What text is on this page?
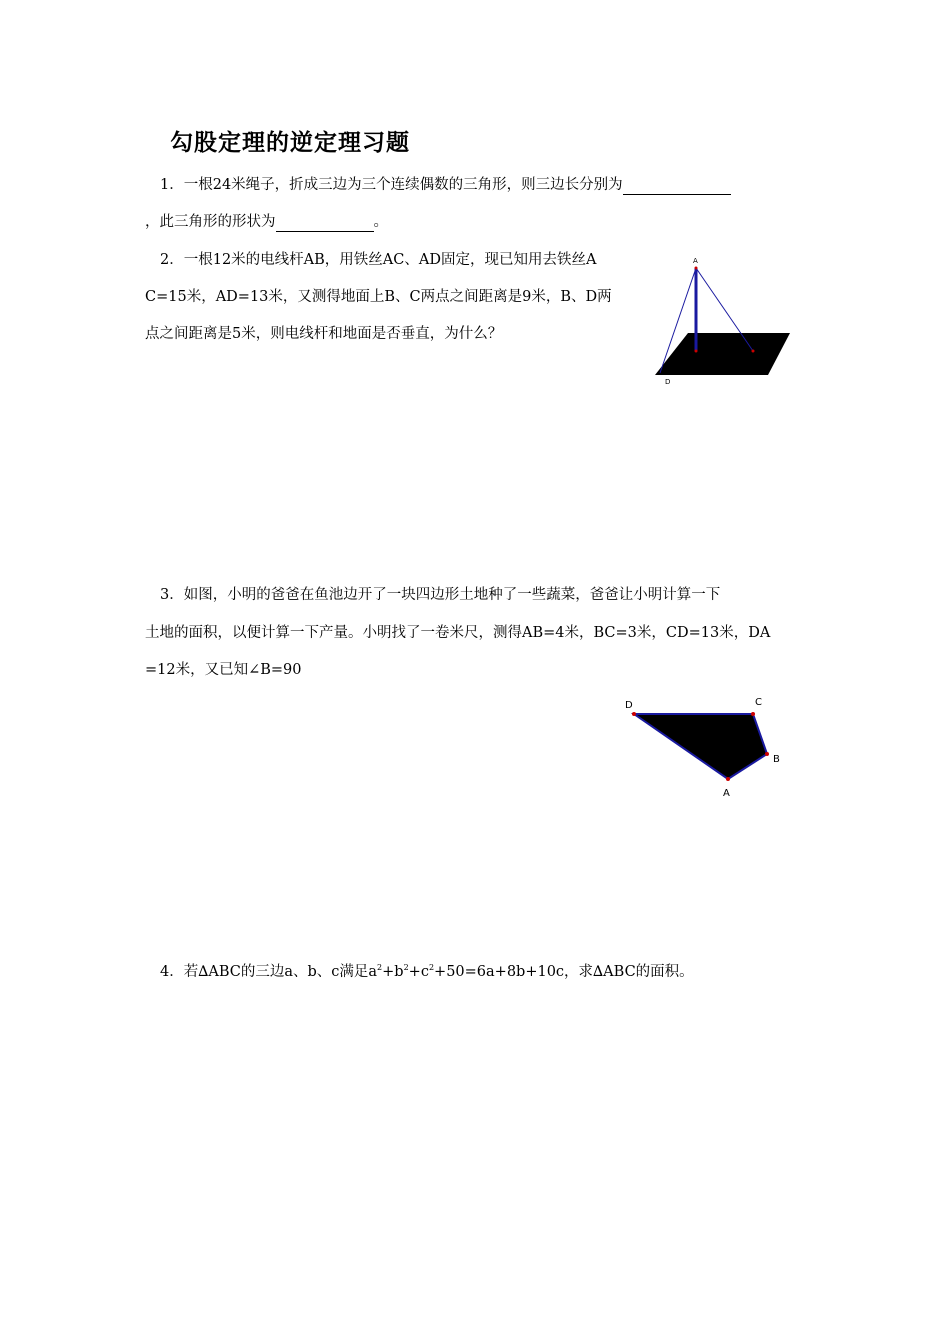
勾股定理的逆定理习题
1．一根24米绳子，折成三边为三个连续偶数的三角形，则三边长分别为
，此三角形的形状为	。
2．一根12米的电线杆AB，用铁丝AC、AD固定，现已知用去铁丝A
C=15米，AD=13米，又测得地面上B、C两点之间距离是9米，B、D两
点之间距离是5米，则电线杆和地面是否垂直，为什么？
A
D
3．如图，小明的爸爸在鱼池边开了一块四边形土地种了一些蔬菜，爸爸让小明计算一下
土地的面积，以便计算一下产量。小明找了一卷米尺，测得AB=4米，BC=3米，CD=13米，DA
=12米，又已知∠B=90
D	C
B
A
4．若∆ABC的三边a、b、c满足$a^2+b^2+c^2+50=6a+8b+10c$，求∆ABC的面积。
